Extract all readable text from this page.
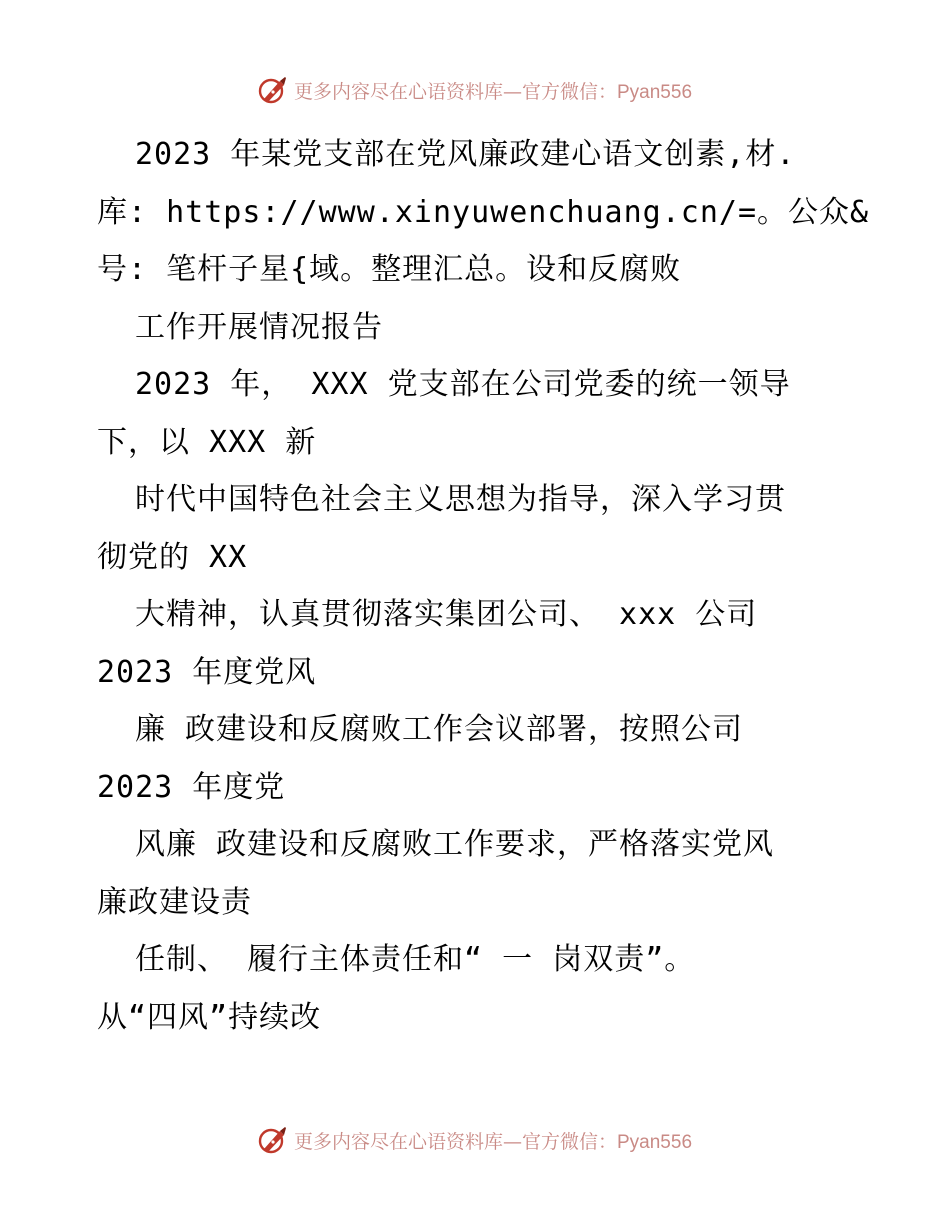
更多内容尽在心语资料库—官方微信：Pyan556
2023 年某党支部在党风廉政建心语文创素,材.
库: https://www.xinyuwenchuang.cn/=。公众&
号: 笔杆子星{域。整理汇总。设和反腐败
工作开展情况报告
2023 年， XXX 党支部在公司党委的统一领导
下，以 XXX 新
时代中国特色社会主义思想为指导，深入学习贯
彻党的 XX
大精神，认真贯彻落实集团公司、 xxx 公司
2023 年度党风
廉 政建设和反腐败工作会议部署，按照公司
2023 年度党
风廉 政建设和反腐败工作要求，严格落实党风
廉政建设责
任制、 履行主体责任和“ 一 岗双责”。
从“四风”持续改
更多内容尽在心语资料库—官方微信：Pyan556
